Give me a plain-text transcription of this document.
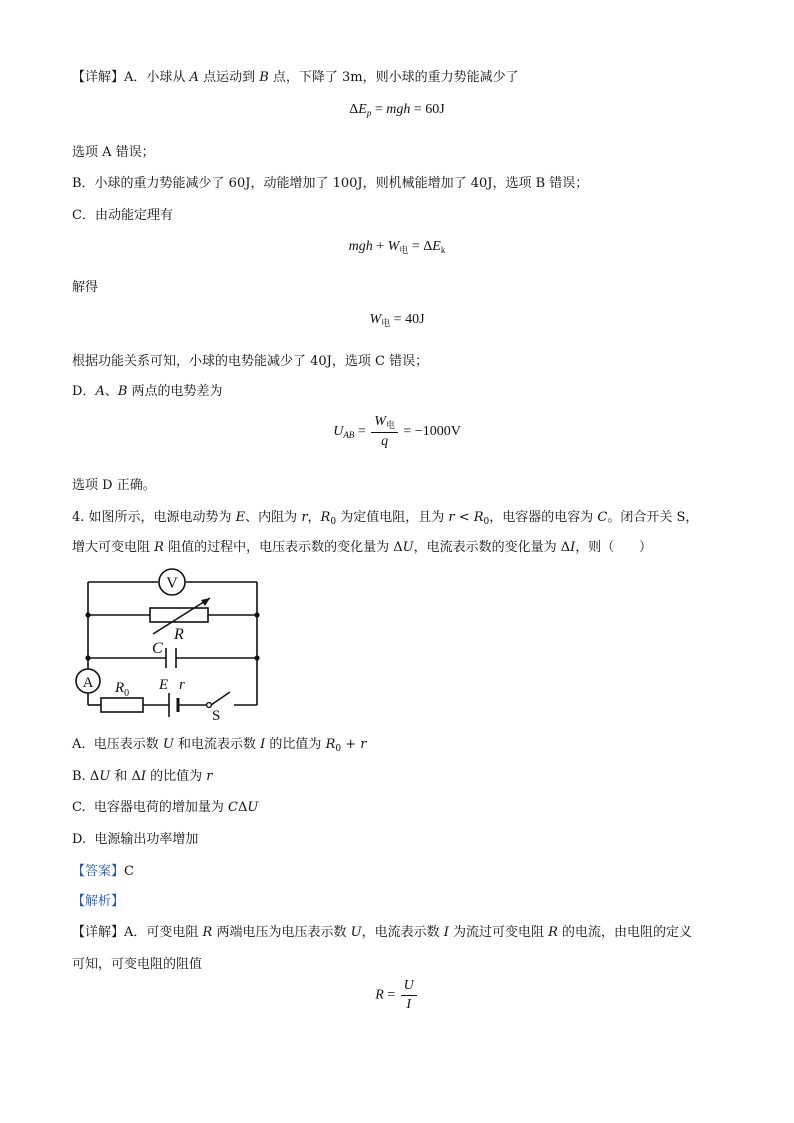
【详解】A．小球从 A 点运动到 B 点，下降了 3m，则小球的重力势能减少了
$\Delta E_p$ = mgh = 60J
选项 A 错误；
B．小球的重力势能减少了 60J，动能增加了 100J，则机械能增加了 40J，选项 B 错误；
C．由动能定理有
mgh + $W_电 = \Delta E_k$
解得
$W_电 = 40J$
根据功能关系可知，小球的电势能减少了 40J，选项 C 错误；
D．A、B 两点的电势差为
$U_{AB} = \frac{W_电}{q} = -1000V$
选项 D 正确。
4. 如图所示，电源电动势为 E、内阻为 r，$R_0$ 为定值电阻，且为 $r < R_0$，电容器的电容为 C。闭合开关 S，
增大可变电阻 R 阻值的过程中，电压表示数的变化量为 ΔU，电流表示数的变化量为 ΔI，则（      ）
V
R
C
A $R_0$
E r
S
A.  电压表示数 U 和电流表示数 I 的比值为 $R_0 + r$
B. ΔU 和 ΔI 的比值为 r
C.  电容器电荷的增加量为 CΔU
D.  电源输出功率增加
【答案】C
【解析】
【详解】A．可变电阻 R 两端电压为电压表示数 U，电流表示数 I 为流过可变电阻 R 的电流，由电阻的定义
可知，可变电阻的阻值
$R = \frac{U}{I}$
